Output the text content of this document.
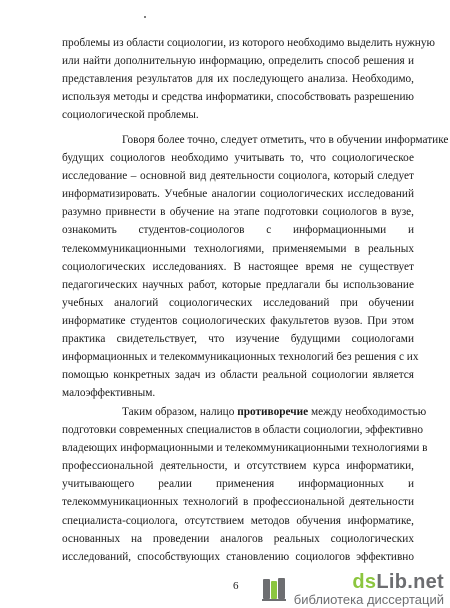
проблемы из области социологии, из которого необходимо выделить нужную
или найти дополнительную информацию, определить способ решения и
представления результатов для их последующего анализа. Необходимо,
используя методы и средства информатики, способствовать разрешению
социологической проблемы.
Говоря более точно, следует отметить, что в обучении информатике
будущих социологов необходимо учитывать то, что социологическое
исследование – основной вид деятельности социолога, который следует
информатизировать. Учебные аналогии социологических исследований
разумно привнести в обучение на этапе подготовки социологов в вузе,
ознакомить студентов-социологов с информационными и
телекоммуникационными технологиями, применяемыми в реальных
социологических исследованиях. В настоящее время не существует
педагогических научных работ, которые предлагали бы использование
учебных аналогий социологических исследований при обучении
информатике студентов социологических факультетов вузов. При этом
практика свидетельствует, что изучение будущими социологами
информационных и телекоммуникационных технологий без решения с их
помощью конкретных задач из области реальной социологии является
малоэффективным.
Таким образом, налицо противоречие между необходимостью
подготовки современных специалистов в области социологии, эффективно
владеющих информационными и телекоммуникационными технологиями в
профессиональной деятельности, и отсутствием курса информатики,
учитывающего реалии применения информационных и
телекоммуникационных технологий в профессиональной деятельности
специалиста-социолога, отсутствием методов обучения информатике,
основанных на проведении аналогов реальных социологических
исследований, способствующих становлению социологов эффективно
6	dsLib.net
библиотека диссертаций
